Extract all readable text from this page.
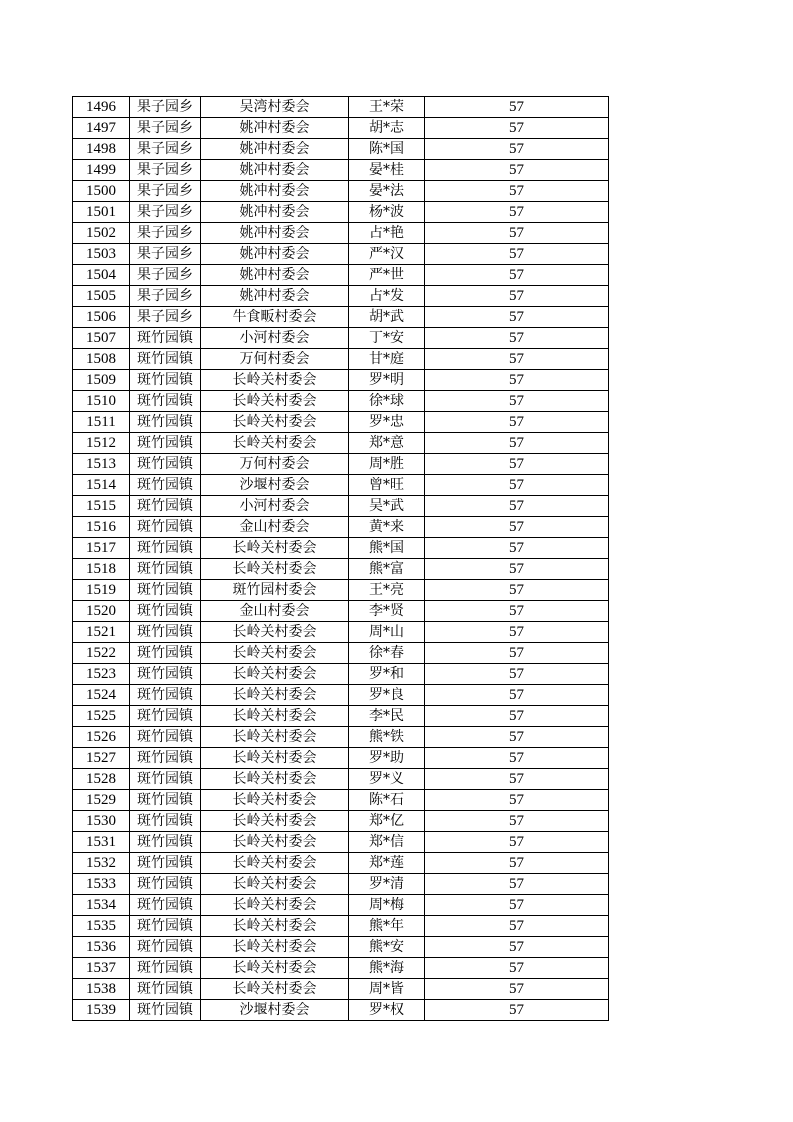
1496	果子园乡	吴湾村委会	王*荣	57
1497	果子园乡	姚冲村委会	胡*志	57
1498	果子园乡	姚冲村委会	陈*国	57
1499	果子园乡	姚冲村委会	晏*桂	57
1500	果子园乡	姚冲村委会	晏*法	57
1501	果子园乡	姚冲村委会	杨*波	57
1502	果子园乡	姚冲村委会	占*艳	57
1503	果子园乡	姚冲村委会	严*汉	57
1504	果子园乡	姚冲村委会	严*世	57
1505	果子园乡	姚冲村委会	占*发	57
1506	果子园乡	牛食畈村委会	胡*武	57
1507	斑竹园镇	小河村委会	丁*安	57
1508	斑竹园镇	万何村委会	甘*庭	57
1509	斑竹园镇	长岭关村委会	罗*明	57
1510	斑竹园镇	长岭关村委会	徐*球	57
1511	斑竹园镇	长岭关村委会	罗*忠	57
1512	斑竹园镇	长岭关村委会	郑*意	57
1513	斑竹园镇	万何村委会	周*胜	57
1514	斑竹园镇	沙堰村委会	曾*旺	57
1515	斑竹园镇	小河村委会	吴*武	57
1516	斑竹园镇	金山村委会	黄*来	57
1517	斑竹园镇	长岭关村委会	熊*国	57
1518	斑竹园镇	长岭关村委会	熊*富	57
1519	斑竹园镇	斑竹园村委会	王*亮	57
1520	斑竹园镇	金山村委会	李*贤	57
1521	斑竹园镇	长岭关村委会	周*山	57
1522	斑竹园镇	长岭关村委会	徐*春	57
1523	斑竹园镇	长岭关村委会	罗*和	57
1524	斑竹园镇	长岭关村委会	罗*良	57
1525	斑竹园镇	长岭关村委会	李*民	57
1526	斑竹园镇	长岭关村委会	熊*铁	57
1527	斑竹园镇	长岭关村委会	罗*助	57
1528	斑竹园镇	长岭关村委会	罗*义	57
1529	斑竹园镇	长岭关村委会	陈*石	57
1530	斑竹园镇	长岭关村委会	郑*亿	57
1531	斑竹园镇	长岭关村委会	郑*信	57
1532	斑竹园镇	长岭关村委会	郑*莲	57
1533	斑竹园镇	长岭关村委会	罗*清	57
1534	斑竹园镇	长岭关村委会	周*梅	57
1535	斑竹园镇	长岭关村委会	熊*年	57
1536	斑竹园镇	长岭关村委会	熊*安	57
1537	斑竹园镇	长岭关村委会	熊*海	57
1538	斑竹园镇	长岭关村委会	周*皆	57
1539	斑竹园镇	沙堰村委会	罗*权	57
